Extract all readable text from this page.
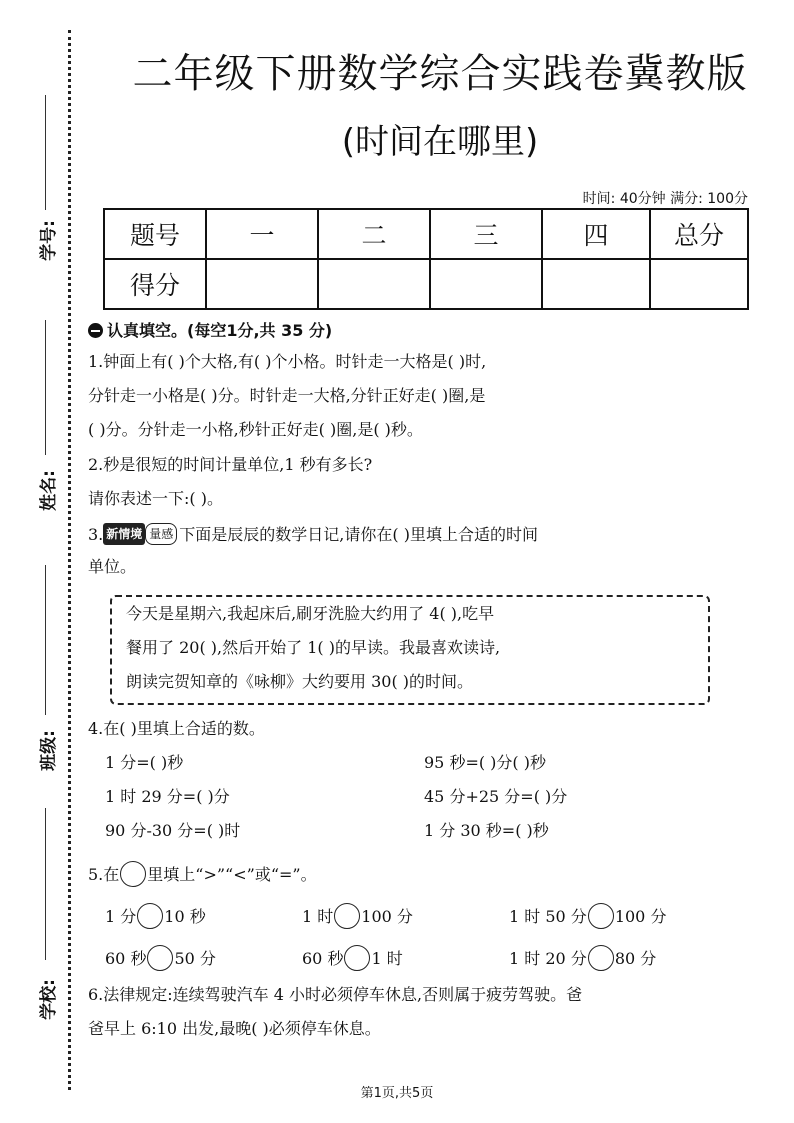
学号:
姓名:
班级:
学校:
二年级下册数学综合实践卷冀教版
(时间在哪里)
时间: 40分钟 满分: 100分
题号	一	二	三	四	总分
得分					
认真填空。(每空1分,共 35 分)
1.钟面上有( )个大格,有( )个小格。时针走一大格是( )时,
分针走一小格是( )分。时针走一大格,分针正好走( )圈,是
( )分。分针走一小格,秒针正好走( )圈,是( )秒。
2.秒是很短的时间计量单位,1 秒有多长?
请你表述一下:( )。
3. 新情境 量感 下面是辰辰的数学日记,请你在( )里填上合适的时间
单位。
今天是星期六,我起床后,刷牙洗脸大约用了 4( ),吃早
餐用了 20( ),然后开始了 1( )的早读。我最喜欢读诗,
朗读完贺知章的《咏柳》大约要用 30( )的时间。
4.在( )里填上合适的数。
1 分=( )秒	95 秒=( )分( )秒
1 时 29 分=( )分	45 分+25 分=( )分
90 分-30 分=( )时	1 分 30 秒=( )秒
5.在 里填上“>”“<”或“=”。
1 分 10 秒	1 时 100 分	1 时 50 分 100 分
60 秒 50 分	60 秒 1 时	1 时 20 分 80 分
6.法律规定:连续驾驶汽车 4 小时必须停车休息,否则属于疲劳驾驶。爸
爸早上 6:10 出发,最晚( )必须停车休息。
第1页,共5页
